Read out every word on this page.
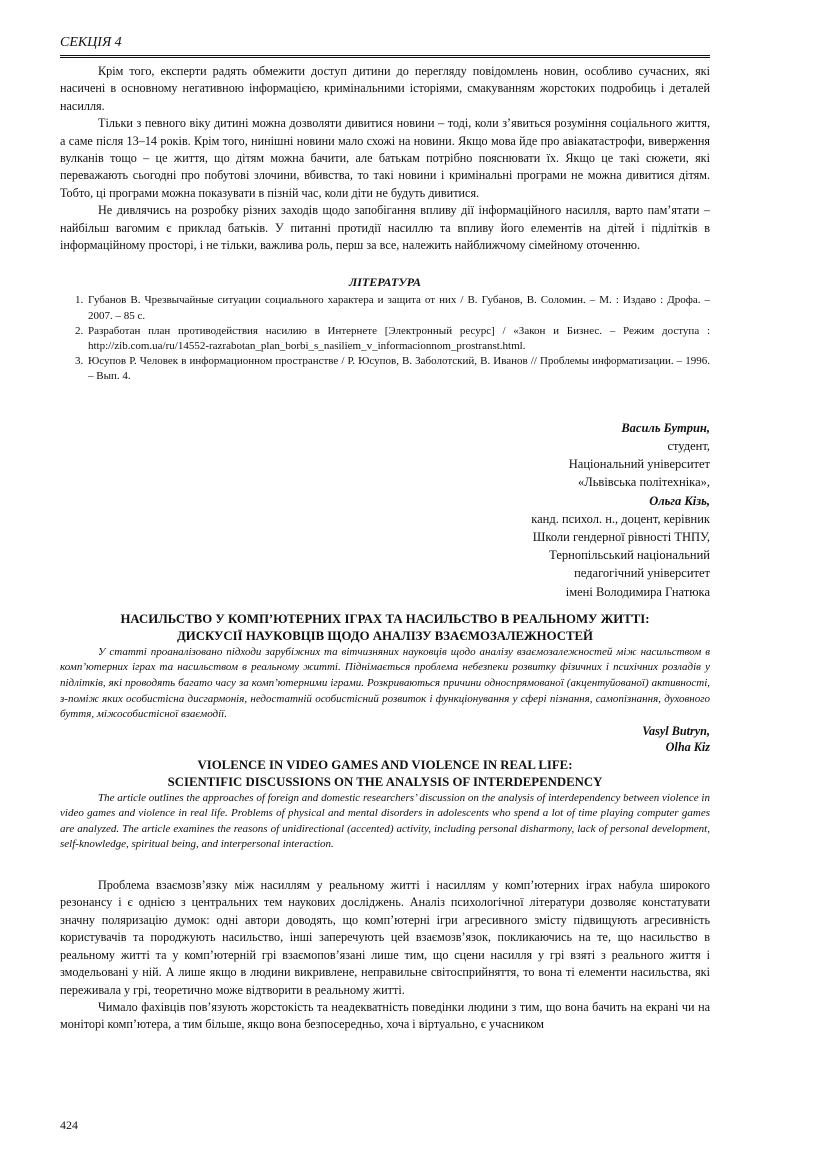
СЕКЦІЯ 4

Крім того, експерти радять обмежити доступ дитини до перегляду повідомлень новин, особливо сучасних, які насичені в основному негативною інформацією, кримінальними історіями, смакуванням жорстоких подробиць і деталей насилля.

Тільки з певного віку дитині можна дозволяти дивитися новини – тоді, коли з’явиться розуміння соціального життя, а саме після 13–14 років. Крім того, нинішні новини мало схожі на новини. Якщо мова йде про авіакатастрофи, виверження вулканів тощо – це життя, що дітям можна бачити, але батькам потрібно пояснювати їх. Якщо це такі сюжети, які переважають сьогодні про побутові злочини, вбивства, то такі новини і кримінальні програми не можна дивитися дітям. Тобто, ці програми можна показувати в пізній час, коли діти не будуть дивитися.

Не дивлячись на розробку різних заходів щодо запобігання впливу дії інформаційного насилля, варто пам’ятати – найбільш вагомим є приклад батьків. У питанні протидії насиллю та впливу його елементів на дітей і підлітків в інформаційному просторі, і не тільки, важлива роль, перш за все, належить найближчому сімейному оточенню.

ЛІТЕРАТУРА
1. Губанов В. Чрезвычайные ситуации социального характера и защита от них / В. Губанов, В. Соломин. – М. : Издаво : Дрофа. – 2007. – 85 с.
2. Разработан план противодействия насилию в Интернете [Электронный ресурс] / «Закон и Бизнес. – Режим доступа : http://zib.com.ua/ru/14552-razrabotan_plan_borbi_s_nasiliem_v_informacionnom_prostranst.html.
3. Юсупов Р. Человек в информационном пространстве / Р. Юсупов, В. Заболотский, В. Иванов // Проблемы информатизации. – 1996. – Вып. 4.
Василь Бутрин,
студент,
Національний університет
«Львівська політехніка»,
Ольга Кізь,
канд. психол. н., доцент, керівник
Школи гендерної рівності ТНПУ,
Тернопільський національний
педагогічний університет
імені Володимира Гнатюка
НАСИЛЬСТВО У КОМП’ЮТЕРНИХ ІГРАХ ТА НАСИЛЬСТВО В РЕАЛЬНОМУ ЖИТТІ:
ДИСКУСІЇ НАУКОВЦІВ ЩОДО АНАЛІЗУ ВЗАЄМОЗАЛЕЖНОСТЕЙ

У статті проаналізовано підходи зарубіжних та вітчизняних науковців щодо аналізу взаємозалежностей між насильством в комп’ютерних іграх та насильством в реальному житті. Піднімається проблема небезпеки розвитку фізичних і психічних розладів у підлітків, які проводять багато часу за комп’ютерними іграми. Розкриваються причини односпрямованої (акцентуйованої) активності, з-поміж яких особистісна дисгармонія, недостатній особистісний розвиток і функціонування у сфері пізнання, самопізнання, духовного буття, міжособистісної взаємодії.

Vasyl Butryn,
Olha Kiz
VIOLENCE IN VIDEO GAMES AND VIOLENCE IN REAL LIFE:
SCIENTIFIC DISCUSSIONS ON THE ANALYSIS OF INTERDEPENDENCY

The article outlines the approaches of foreign and domestic researchers’ discussion on the analysis of interdependency between violence in video games and violence in real life. Problems of physical and mental disorders in adolescents who spend a lot of time playing computer games are analyzed. The article examines the reasons of unidirectional (accented) activity, including personal disharmony, lack of personal development, self-knowledge, spiritual being, and interpersonal interaction.

Проблема взаємозв’язку між насиллям у реальному житті і насиллям у комп’ютерних іграх набула широкого резонансу і є однією з центральних тем наукових досліджень. Аналіз психологічної літератури дозволяє констатувати значну поляризацію думок: одні автори доводять, що комп’ютерні ігри агресивного змісту підвищують агресивність користувачів та породжують насильство, інші заперечують цей взаємозв’язок, покликаючись на те, що насильство в реальному житті та у комп’ютерній грі взаємопов’язані лише тим, що сцени насилля у грі взяті з реального життя і змодельовані у ній. А лише якщо в людини викривлене, неправильне світосприйняття, то вона ті елементи насильства, які переживала у грі, теоретично може відтворити в реальному житті.

Чимало фахівців пов’язують жорстокість та неадекватність поведінки людини з тим, що вона бачить на екрані чи на моніторі комп’ютера, а тим більше, якщо вона безпосередньо, хоча і віртуально, є учасником

424
